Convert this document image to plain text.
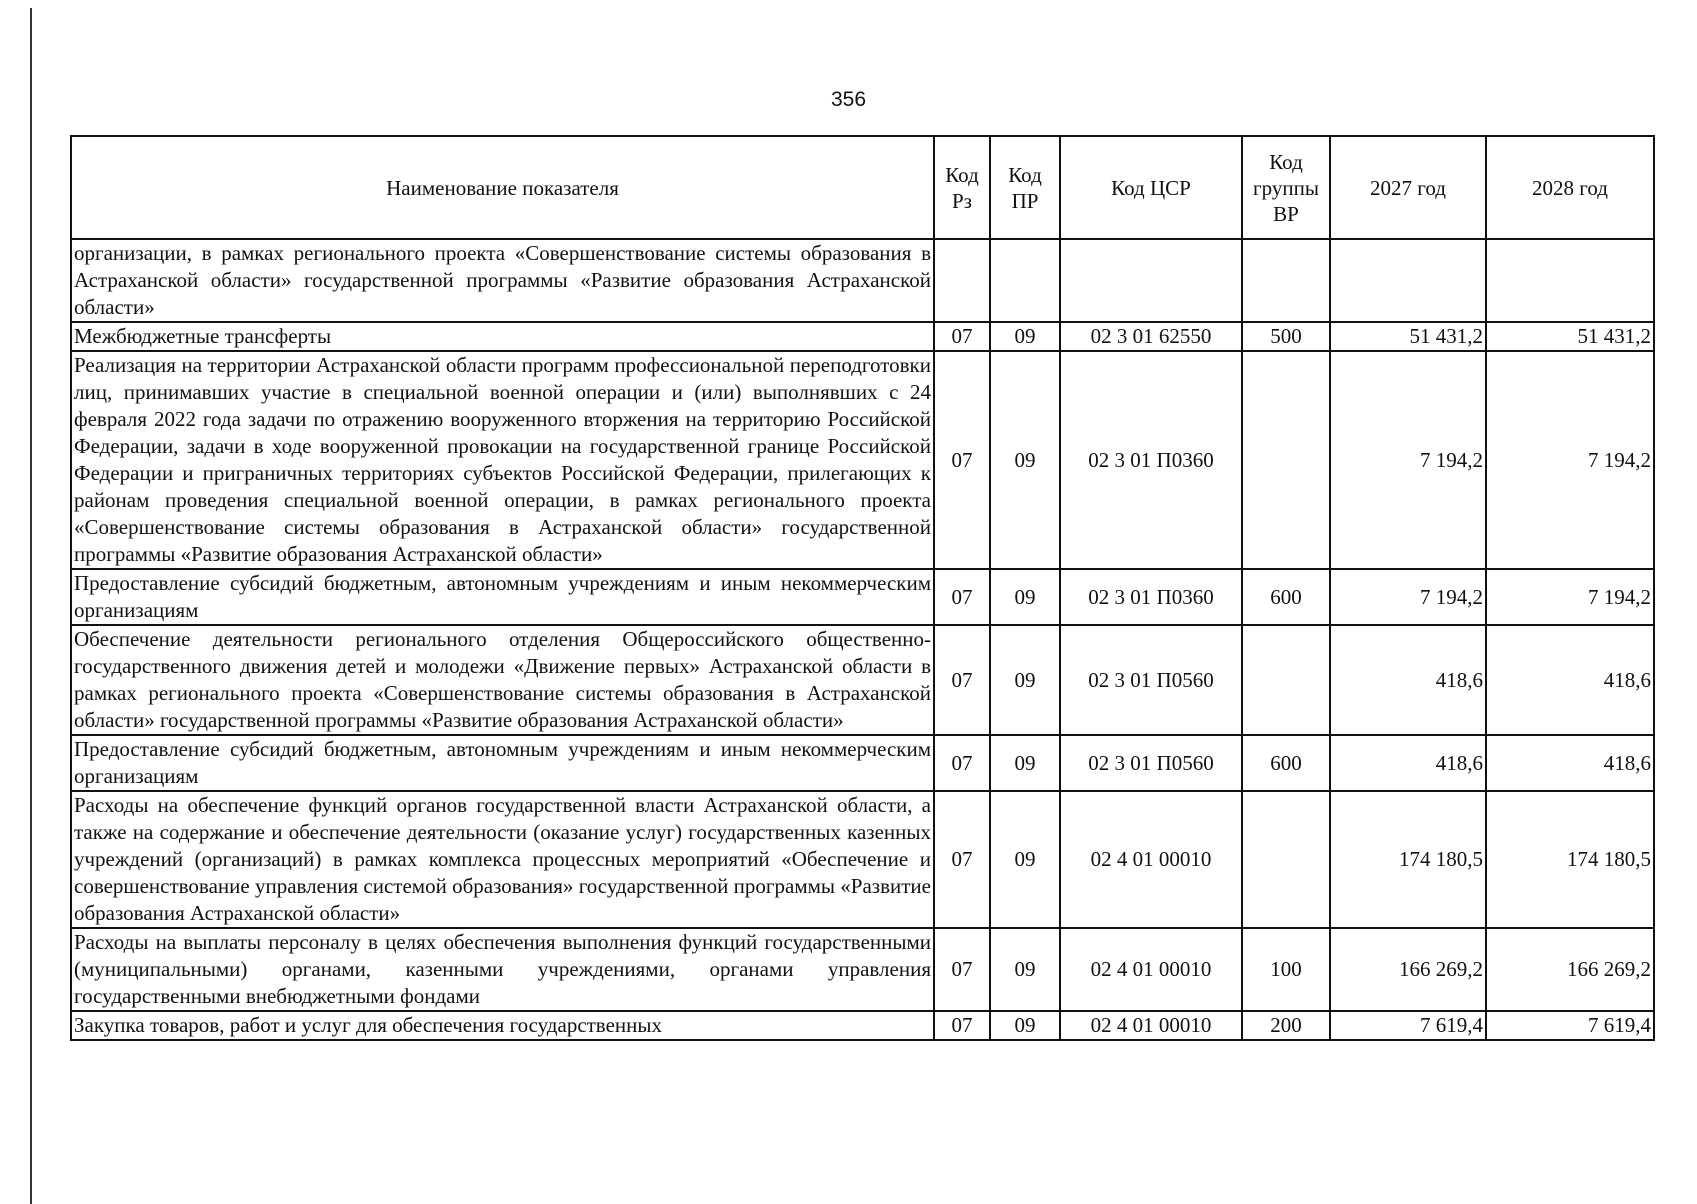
356
Наименование показателя	Код Рз	Код ПР	Код ЦСР	Код группы ВР	2027 год	2028 год
организации, в рамках регионального проекта «Совершенствование системы образования в Астраханской области» государственной программы «Развитие образования Астраханской области»						
Межбюджетные трансферты	07	09	02 3 01 62550	500	51 431,2	51 431,2
Реализация на территории Астраханской области программ профессиональной переподготовки лиц, принимавших участие в специальной военной операции и (или) выполнявших с 24 февраля 2022 года задачи по отражению вооруженного вторжения на территорию Российской Федерации, задачи в ходе вооруженной провокации на государственной границе Российской Федерации и приграничных территориях субъектов Российской Федерации, прилегающих к районам проведения специальной военной операции, в рамках регионального проекта «Совершенствование системы образования в Астраханской области» государственной программы «Развитие образования Астраханской области»	07	09	02 3 01 П0360		7 194,2	7 194,2
Предоставление субсидий бюджетным, автономным учреждениям и иным некоммерческим организациям	07	09	02 3 01 П0360	600	7 194,2	7 194,2
Обеспечение деятельности регионального отделения Общероссийского общественно-государственного движения детей и молодежи «Движение первых» Астраханской области в рамках регионального проекта «Совершенствование системы образования в Астраханской области» государственной программы «Развитие образования Астраханской области»	07	09	02 3 01 П0560		418,6	418,6
Предоставление субсидий бюджетным, автономным учреждениям и иным некоммерческим организациям	07	09	02 3 01 П0560	600	418,6	418,6
Расходы на обеспечение функций органов государственной власти Астраханской области, а также на содержание и обеспечение деятельности (оказание услуг) государственных казенных учреждений (организаций) в рамках комплекса процессных мероприятий «Обеспечение и совершенствование управления системой образования» государственной программы «Развитие образования Астраханской области»	07	09	02 4 01 00010		174 180,5	174 180,5
Расходы на выплаты персоналу в целях обеспечения выполнения функций государственными (муниципальными) органами, казенными учреждениями, органами управления государственными внебюджетными фондами	07	09	02 4 01 00010	100	166 269,2	166 269,2
Закупка товаров, работ и услуг для обеспечения государственных	07	09	02 4 01 00010	200	7 619,4	7 619,4
